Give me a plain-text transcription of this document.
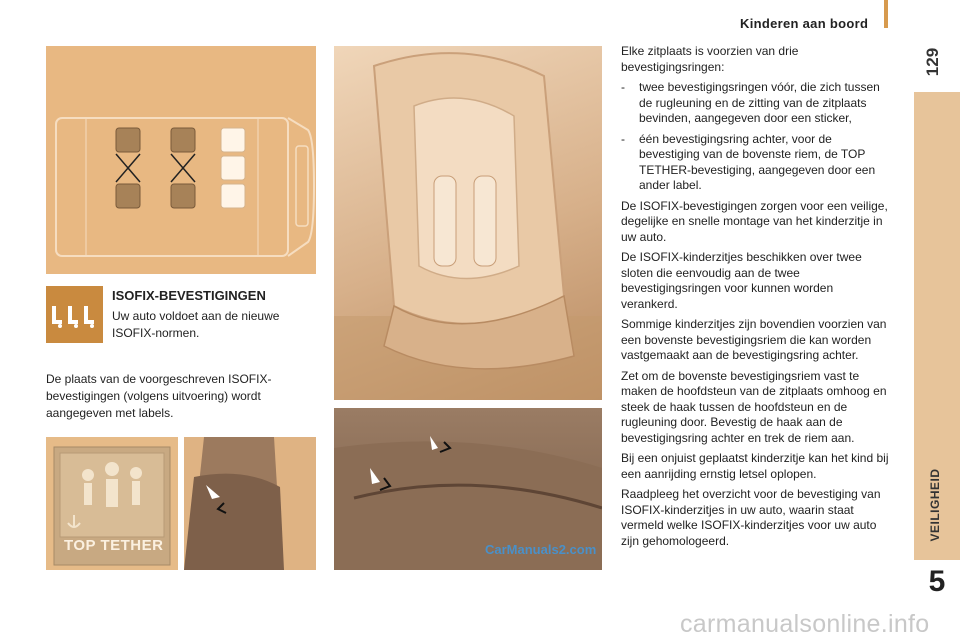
Kinderen aan boord
129
VEILIGHEID
5
ISOFIX-BEVESTIGINGEN
Uw auto voldoet aan de nieuwe ISOFIX-normen.
De plaats van de voorgeschreven ISOFIX-bevestigingen (volgens uitvoering) wordt aangegeven met labels.
TOP TETHER

Elke zitplaats is voorzien van drie bevestigingsringen:

-	twee bevestigingsringen vóór, die zich tussen de rugleuning en de zitting van de zitplaats bevinden, aangegeven door een sticker,
-	één bevestigingsring achter, voor de bevestiging van de bovenste riem, de TOP TETHER-bevestiging, aangegeven door een ander label.

De ISOFIX-bevestigingen zorgen voor een veilige, degelijke en snelle montage van het kinderzitje in uw auto.

De ISOFIX-kinderzitjes beschikken over twee sloten die eenvoudig aan de twee bevestigingsringen voor kunnen worden verankerd.

Sommige kinderzitjes zijn bovendien voorzien van een bovenste bevestigingsriem die kan worden vastgemaakt aan de bevestigingsring achter.

Zet om de bovenste bevestigingsriem vast te maken de hoofdsteun van de zitplaats omhoog en steek de haak tussen de hoofdsteun en de rugleuning door. Bevestig de haak aan de bevestigingsring achter en trek de riem aan.

Bij een onjuist geplaatst kinderzitje kan het kind bij een aanrijding ernstig letsel oplopen.

Raadpleeg het overzicht voor de bevestiging van ISOFIX-kinderzitjes in uw auto, waarin staat vermeld welke ISOFIX-kinderzitjes voor uw auto zijn gehomologeerd.

CarManuals2.com
carmanualsonline.info
